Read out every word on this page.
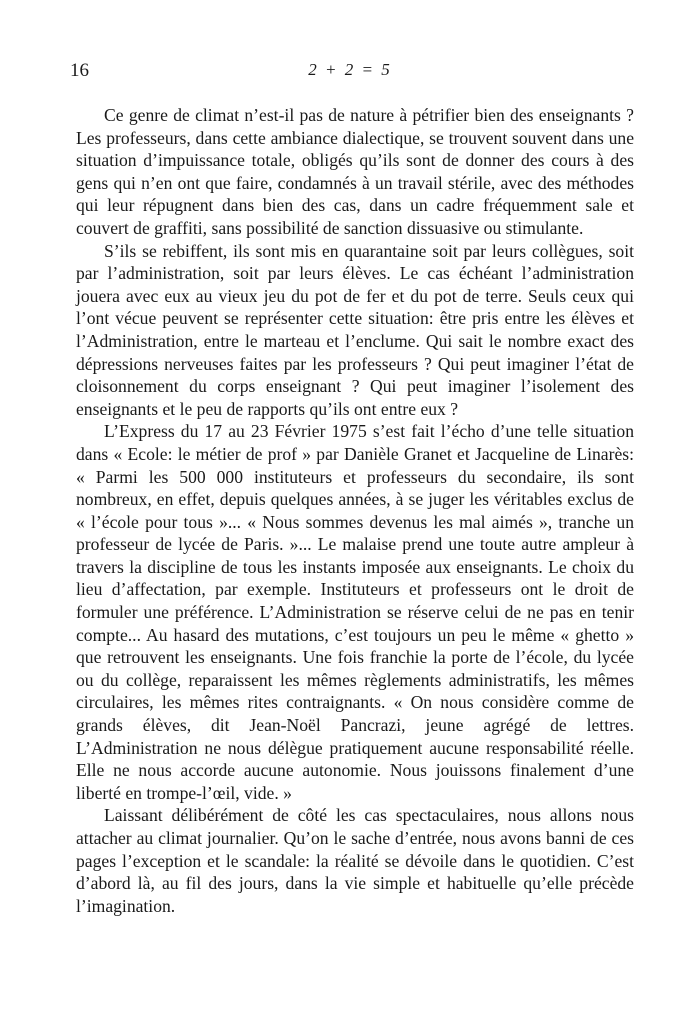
16	2 + 2 = 5

Ce genre de climat n’est-il pas de nature à pétrifier bien des enseignants ? Les professeurs, dans cette ambiance dialectique, se trouvent souvent dans une situation d’impuissance totale, obligés qu’ils sont de donner des cours à des gens qui n’en ont que faire, condamnés à un travail stérile, avec des méthodes qui leur répugnent dans bien des cas, dans un cadre fréquemment sale et couvert de graffiti, sans possibilité de sanction dissuasive ou stimulante.

S’ils se rebiffent, ils sont mis en quarantaine soit par leurs collègues, soit par l’administration, soit par leurs élèves. Le cas échéant l’administration jouera avec eux au vieux jeu du pot de fer et du pot de terre. Seuls ceux qui l’ont vécue peuvent se représenter cette situation: être pris entre les élèves et l’Administration, entre le marteau et l’enclume. Qui sait le nombre exact des dépressions nerveuses faites par les professeurs ? Qui peut imaginer l’état de cloisonnement du corps enseignant ? Qui peut imaginer l’isolement des enseignants et le peu de rapports qu’ils ont entre eux ?

L’Express du 17 au 23 Février 1975 s’est fait l’écho d’une telle situation dans « Ecole: le métier de prof » par Danièle Granet et Jacqueline de Linarès: « Parmi les 500 000 instituteurs et professeurs du secondaire, ils sont nombreux, en effet, depuis quelques années, à se juger les véritables exclus de « l’école pour tous »... « Nous sommes devenus les mal aimés », tranche un professeur de lycée de Paris. »... Le malaise prend une toute autre ampleur à travers la discipline de tous les instants imposée aux enseignants. Le choix du lieu d’affectation, par exemple. Instituteurs et professeurs ont le droit de formuler une préférence. L’Administration se réserve celui de ne pas en tenir compte... Au hasard des mutations, c’est toujours un peu le même « ghetto » que retrouvent les enseignants. Une fois franchie la porte de l’école, du lycée ou du collège, reparaissent les mêmes règlements administratifs, les mêmes circulaires, les mêmes rites contraignants. « On nous considère comme de grands élèves, dit Jean-Noël Pancrazi, jeune agrégé de lettres. L’Administration ne nous délègue pratiquement aucune responsabilité réelle. Elle ne nous accorde aucune autonomie. Nous jouissons finalement d’une liberté en trompe-l’œil, vide. »

Laissant délibérément de côté les cas spectaculaires, nous allons nous attacher au climat journalier. Qu’on le sache d’entrée, nous avons banni de ces pages l’exception et le scandale: la réalité se dévoile dans le quotidien. C’est d’abord là, au fil des jours, dans la vie simple et habituelle qu’elle précède l’imagination.
